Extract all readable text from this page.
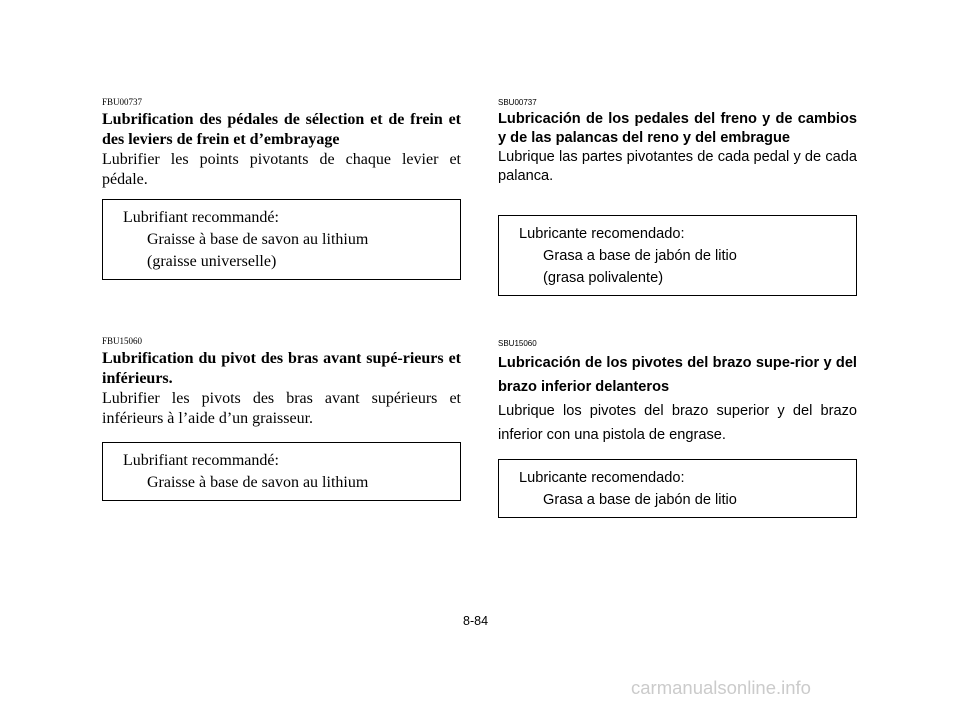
FBU00737
Lubrification des pédales de sélection et de frein et des leviers de frein et d’embrayage

Lubrifier les points pivotants de chaque levier et pédale.

Lubrifiant recommandé:

Graisse à base de savon au lithium

(graisse universelle)

FBU15060
Lubrification du pivot des bras avant supé-rieurs et inférieurs.

Lubrifier les pivots des bras avant supérieurs et inférieurs à l’aide d’un graisseur.

Lubrifiant recommandé:

Graisse à base de savon au lithium

SBU00737
Lubricación de los pedales del freno y de cambios y de las palancas del reno y del embrague

Lubrique las partes pivotantes de cada pedal y de cada palanca.

Lubricante recomendado:

Grasa a base de jabón de litio

(grasa polivalente)

SBU15060
Lubricación de los pivotes del brazo supe-rior y del brazo inferior delanteros

Lubrique los pivotes del brazo superior y del brazo inferior con una pistola de engrase.

Lubricante recomendado:

Grasa a base de jabón de litio

8-84
carmanualsonline.info
